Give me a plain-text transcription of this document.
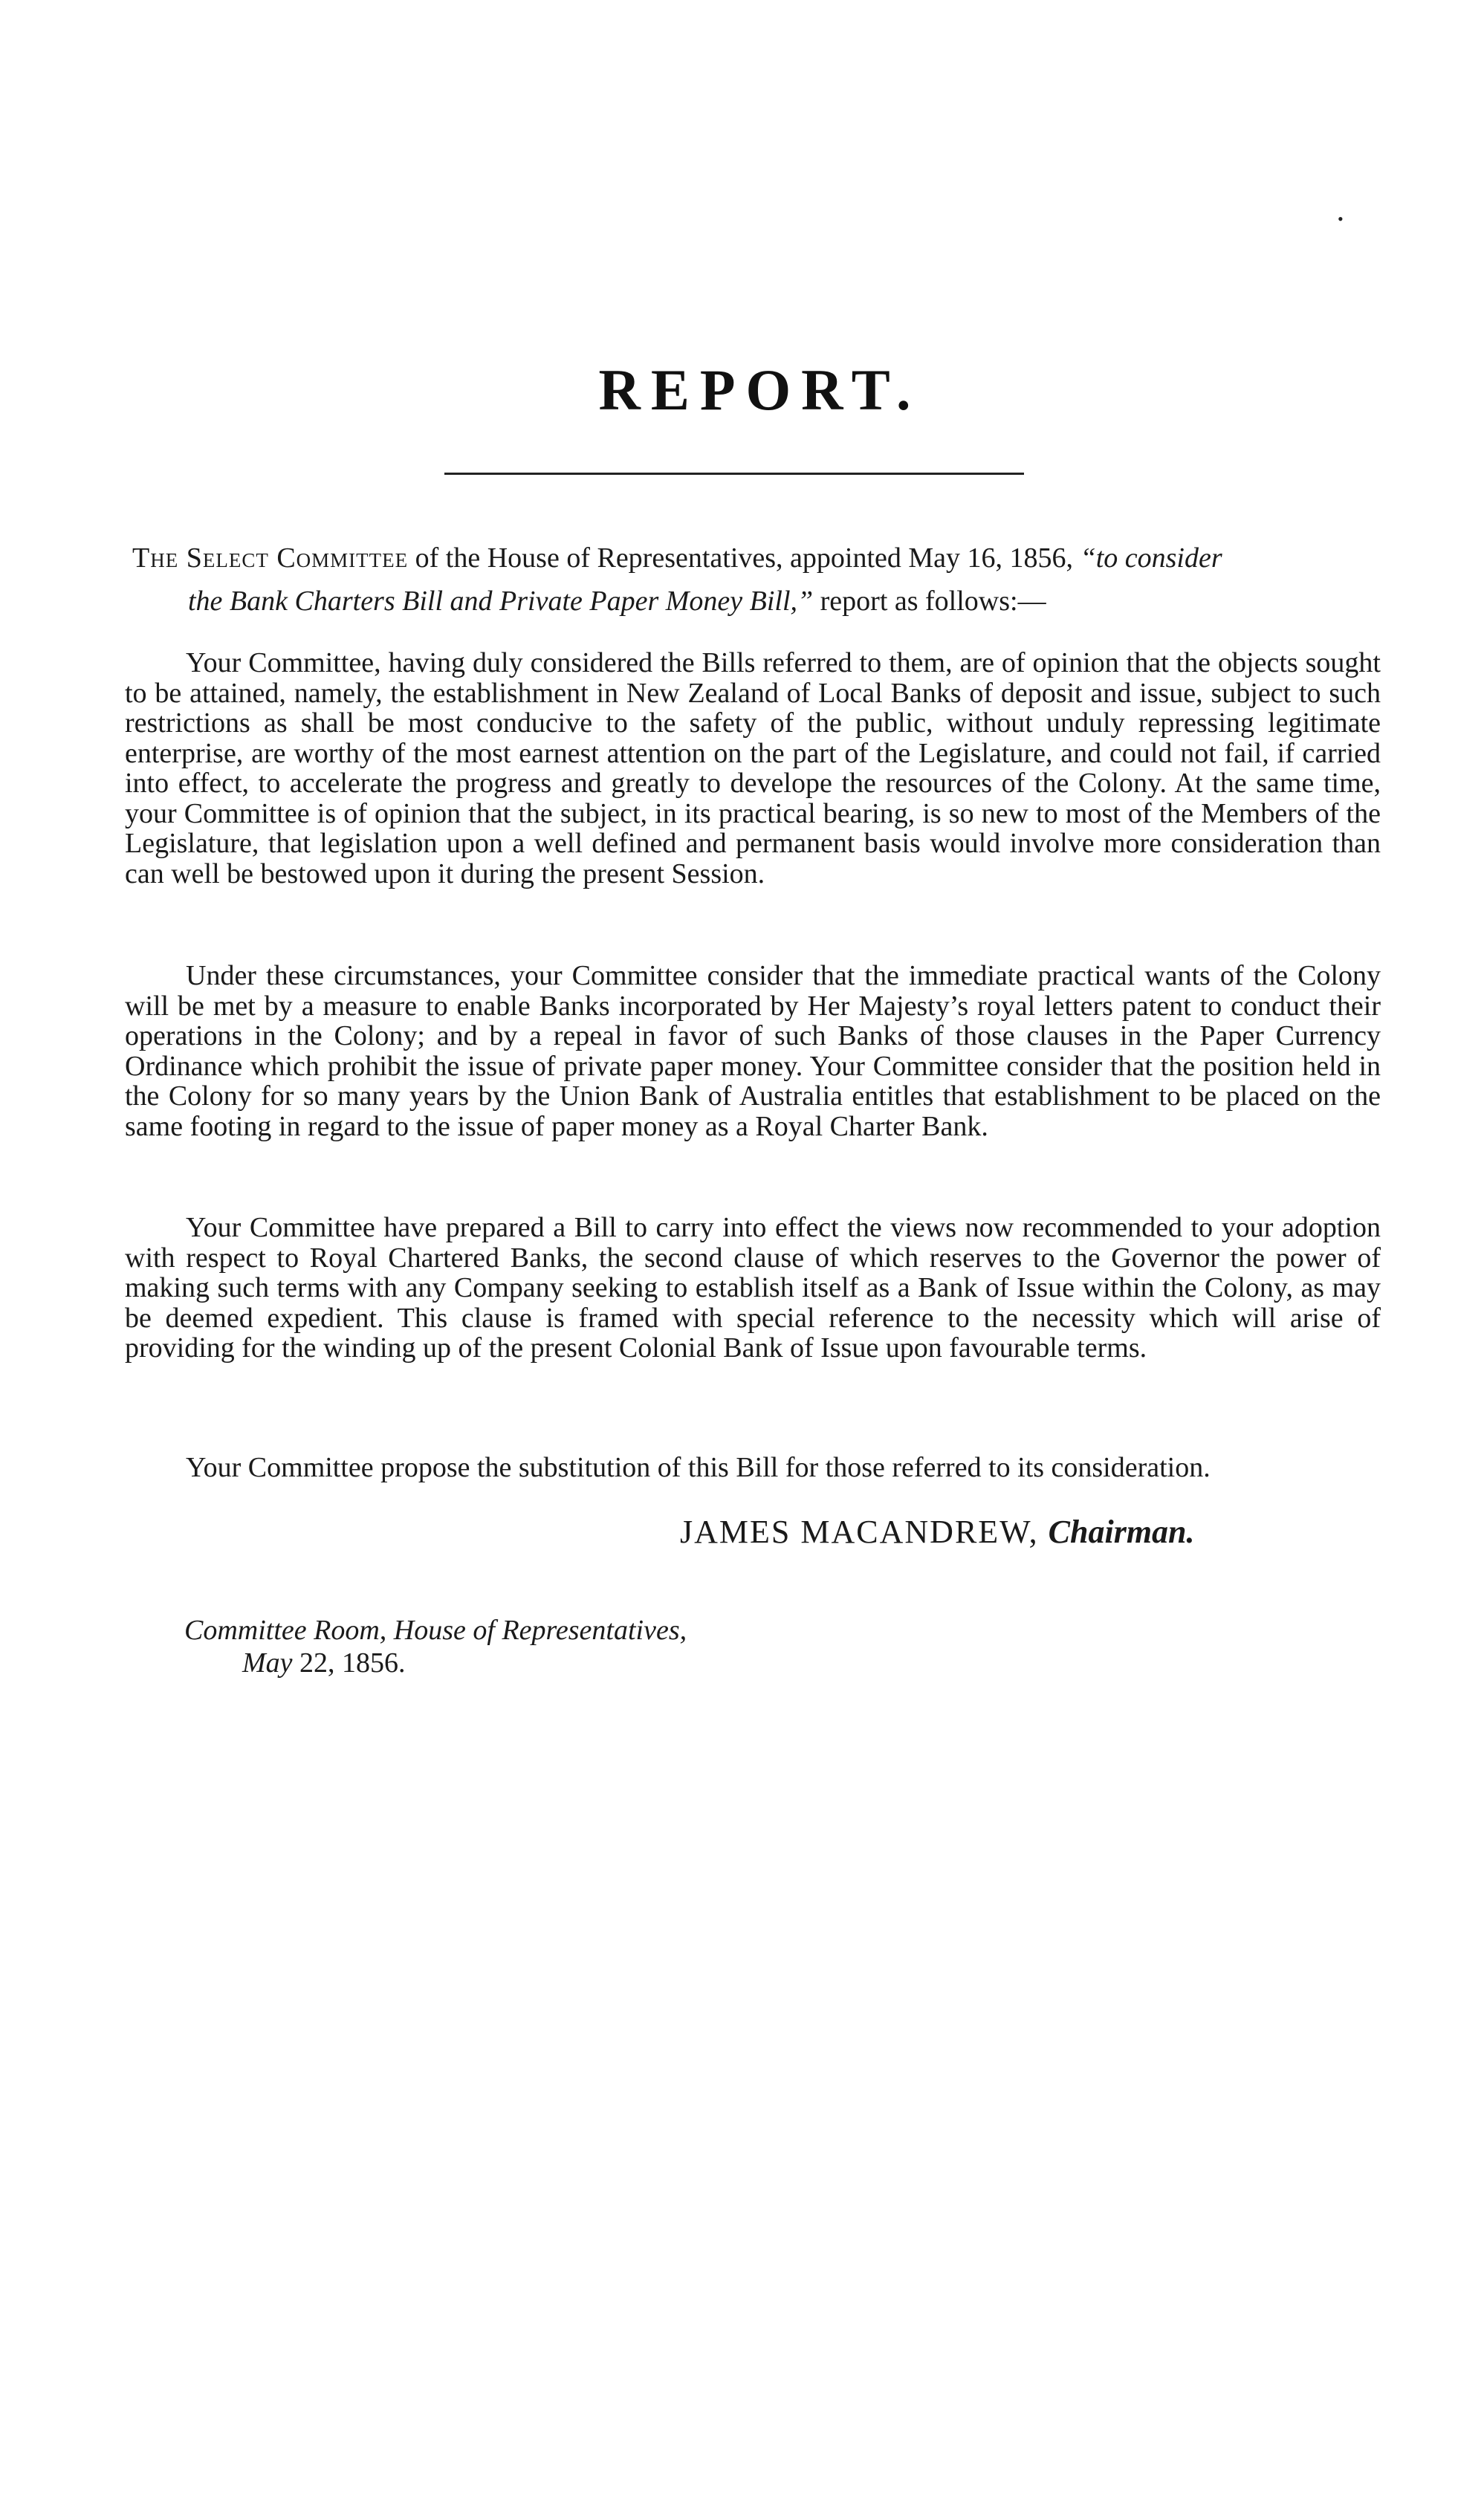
•
REPORT.
The Select Committee of the House of Representatives, appointed May 16, 1856, “to consider
the Bank Charters Bill and Private Paper Money Bill,” report as follows:—

Your Committee, having duly considered the Bills referred to them, are of opinion that the objects sought to be attained, namely, the establishment in New Zealand of Local Banks of deposit and issue, subject to such restrictions as shall be most conducive to the safety of the public, without unduly repressing legitimate enterprise, are worthy of the most earnest attention on the part of the Legislature, and could not fail, if carried into effect, to accelerate the progress and greatly to develope the resources of the Colony. At the same time, your Committee is of opinion that the subject, in its practical bearing, is so new to most of the Members of the Legislature, that legislation upon a well defined and permanent basis would involve more consideration than can well be bestowed upon it during the present Session.

Under these circumstances, your Committee consider that the immediate practical wants of the Colony will be met by a measure to enable Banks incorporated by Her Majesty’s royal letters patent to conduct their operations in the Colony; and by a repeal in favor of such Banks of those clauses in the Paper Currency Ordinance which prohibit the issue of private paper money. Your Committee consider that the position held in the Colony for so many years by the Union Bank of Australia entitles that establishment to be placed on the same footing in regard to the issue of paper money as a Royal Charter Bank.

Your Committee have prepared a Bill to carry into effect the views now recommended to your adoption with respect to Royal Chartered Banks, the second clause of which reserves to the Governor the power of making such terms with any Company seeking to establish itself as a Bank of Issue within the Colony, as may be deemed expedient. This clause is framed with special reference to the necessity which will arise of providing for the winding up of the present Colonial Bank of Issue upon favourable terms.

Your Committee propose the substitution of this Bill for those referred to its consideration.

JAMES MACANDREW, Chairman.
Committee Room, House of Representatives,
May 22, 1856.
